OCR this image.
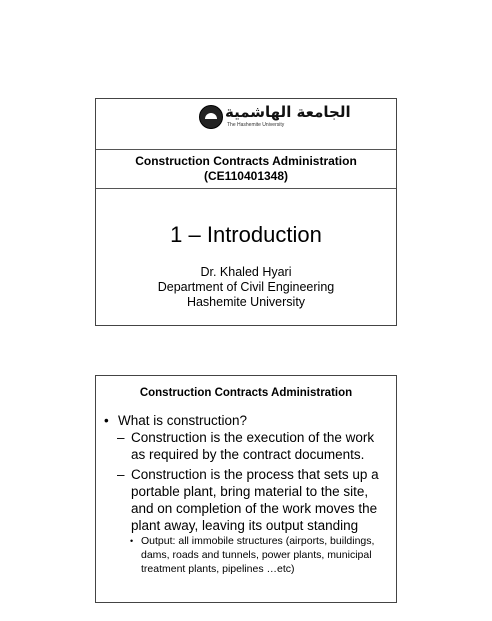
الجامعة الهاشمية
The Hashemite University
Construction Contracts Administration
(CE110401348)
1 – Introduction
Dr. Khaled Hyari
Department of Civil Engineering
Hashemite University
Construction Contracts Administration
• What is construction?
– Construction is the execution of the work as required by the contract documents.
– Construction is the process that sets up a portable plant, bring material to the site, and on completion of the work moves the plant away, leaving its output standing
• Output: all immobile structures (airports, buildings, dams, roads and tunnels, power plants, municipal treatment plants, pipelines …etc)
